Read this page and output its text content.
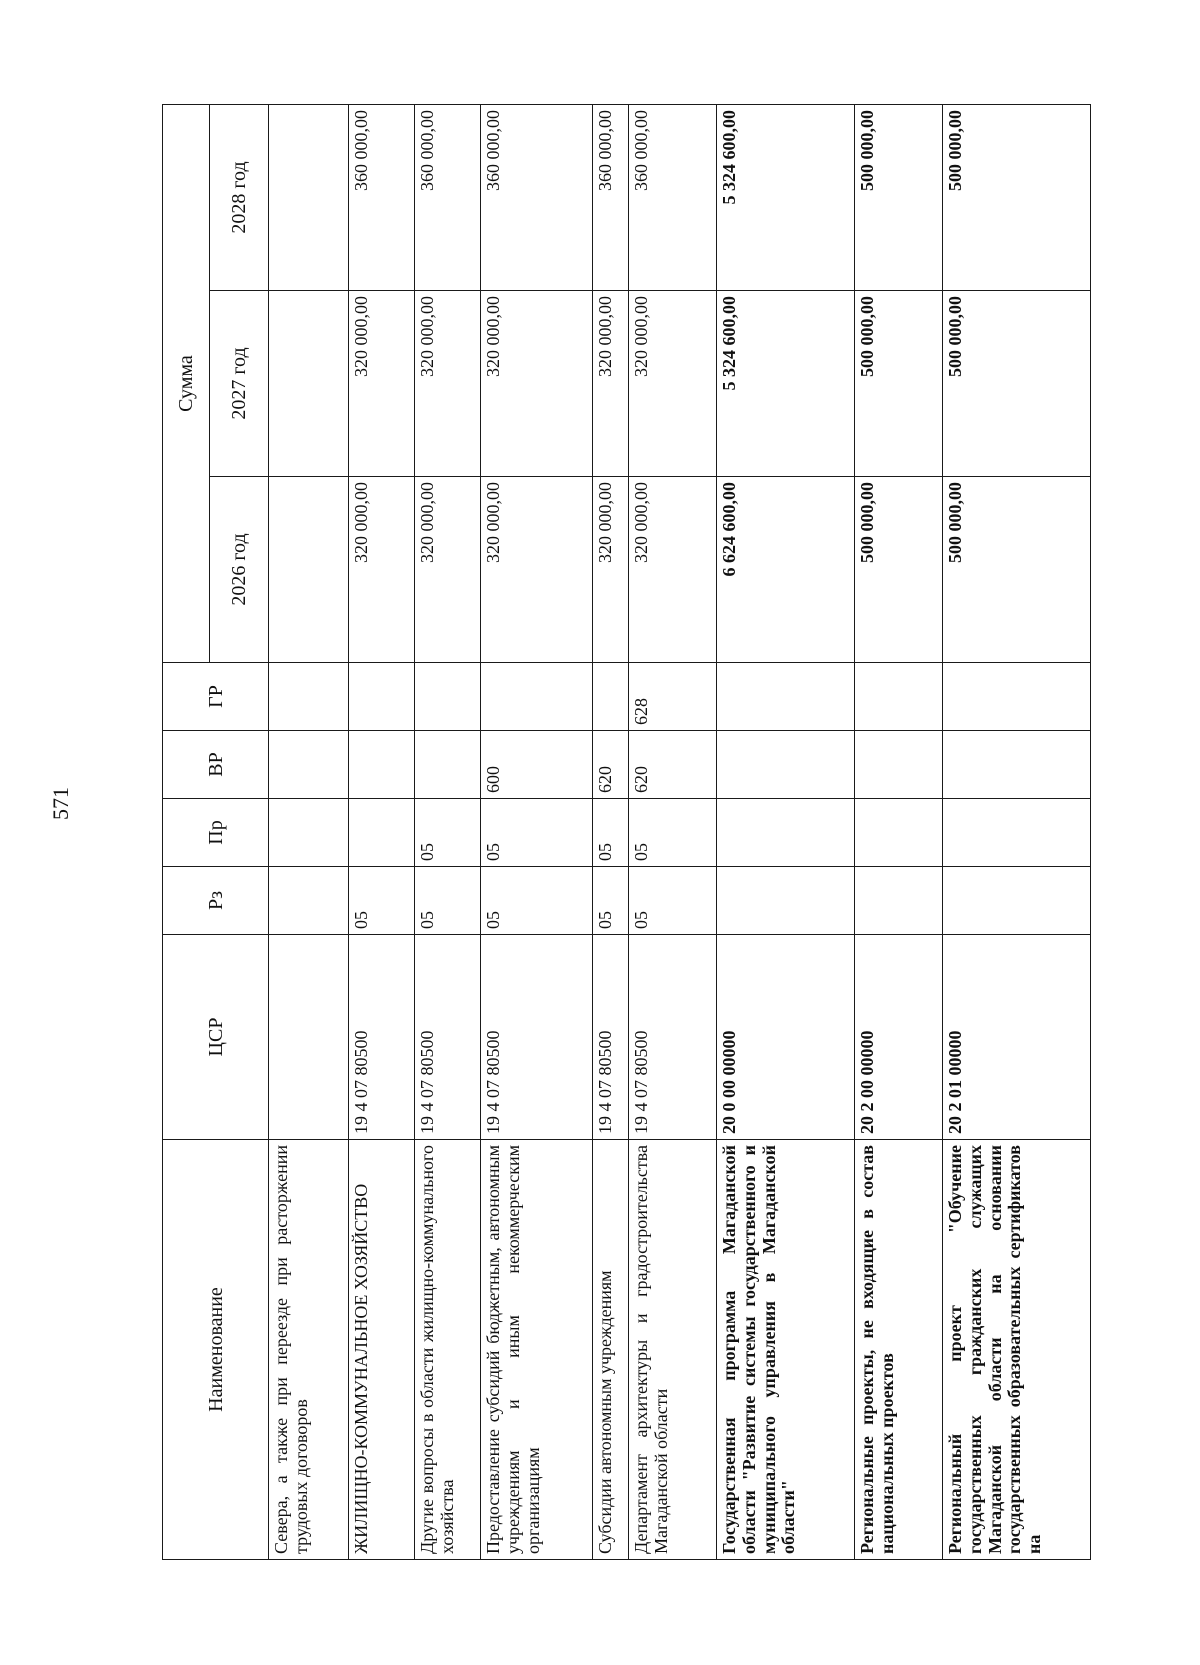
571
Наименование	ЦСР	Рз	Пр	ВР	ГР	Сумма		
						2026 год	2027 год	2028 год
Севера, а также при переезде при расторжении трудовых договоров								
ЖИЛИЩНО-КОММУНАЛЬНОЕ ХОЗЯЙСТВО	19 4 07 80500	05				320 000,00	320 000,00	360 000,00
Другие вопросы в области жилищно-коммунального хозяйства	19 4 07 80500	05	05			320 000,00	320 000,00	360 000,00
Предоставление субсидий бюджетным, автономным учреждениям и иным некоммерческим организациям	19 4 07 80500	05	05	600		320 000,00	320 000,00	360 000,00
Субсидии автономным учреждениям	19 4 07 80500	05	05	620		320 000,00	320 000,00	360 000,00
Департамент архитектуры и градостроительства Магаданской области	19 4 07 80500	05	05	620	628	320 000,00	320 000,00	360 000,00
Государственная программа Магаданской области "Развитие системы государственного и муниципального управления в Магаданской области"	20 0 00 00000					6 624 600,00	5 324 600,00	5 324 600,00
Региональные проекты, не входящие в состав национальных проектов	20 2 00 00000					500 000,00	500 000,00	500 000,00
Региональный проект "Обучение государственных гражданских служащих Магаданской области на основании государственных образовательных сертификатов на	20 2 01 00000					500 000,00	500 000,00	500 000,00
